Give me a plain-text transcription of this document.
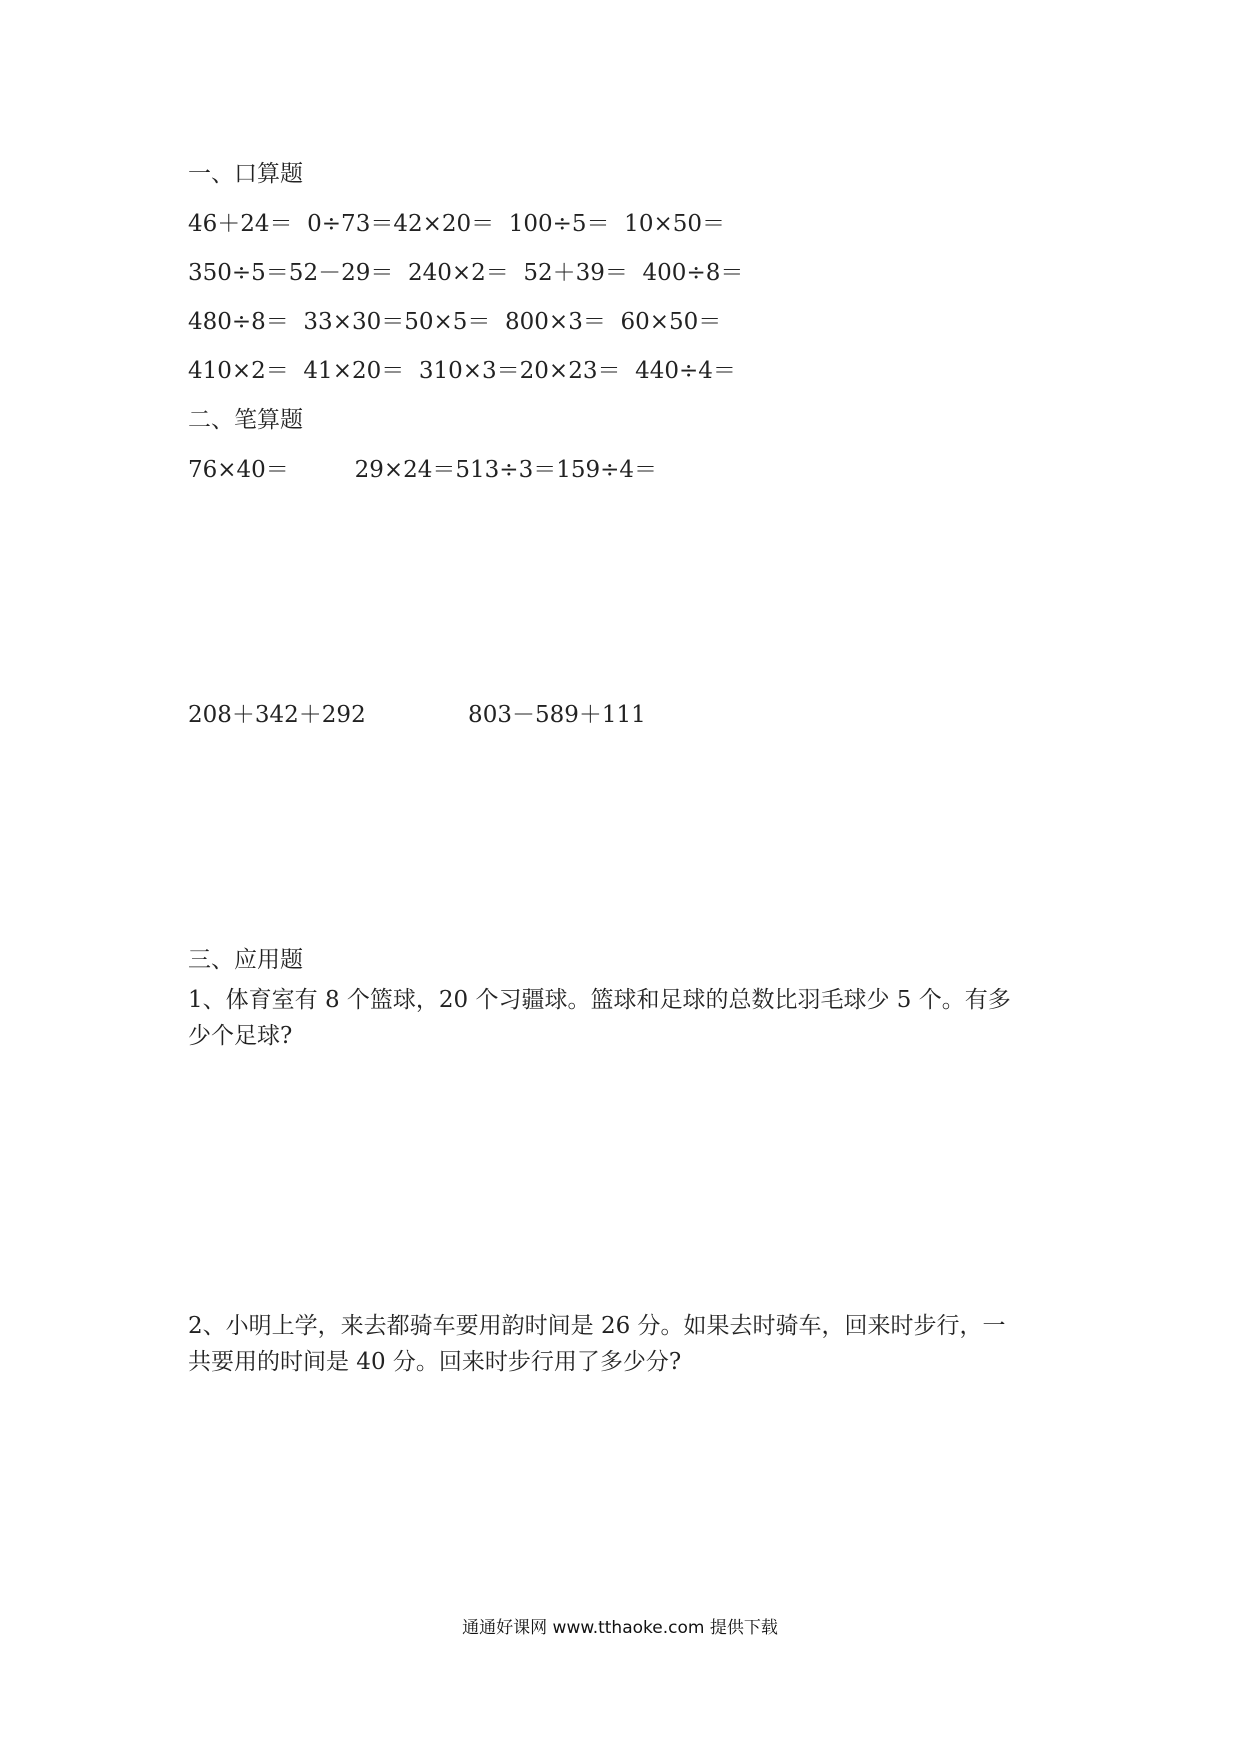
一、口算题
46＋24＝  0÷73＝42×20＝  100÷5＝  10×50＝
350÷5＝52－29＝  240×2＝  52＋39＝  400÷8＝
480÷8＝  33×30＝50×5＝  800×3＝  60×50＝
410×2＝  41×20＝  310×3＝20×23＝  440÷4＝
二、笔算题
76×40＝         29×24＝513÷3＝159÷4＝
208＋342＋292              803－589＋111
三、应用题
1、体育室有 8 个篮球，20 个习疆球。篮球和足球的总数比羽毛球少 5 个。有多
少个足球?
2、小明上学，来去都骑车要用韵时间是 26 分。如果去时骑车，回来时步行，一
共要用的时间是 40 分。回来时步行用了多少分?
通通好课网 www.tthaoke.com 提供下载
